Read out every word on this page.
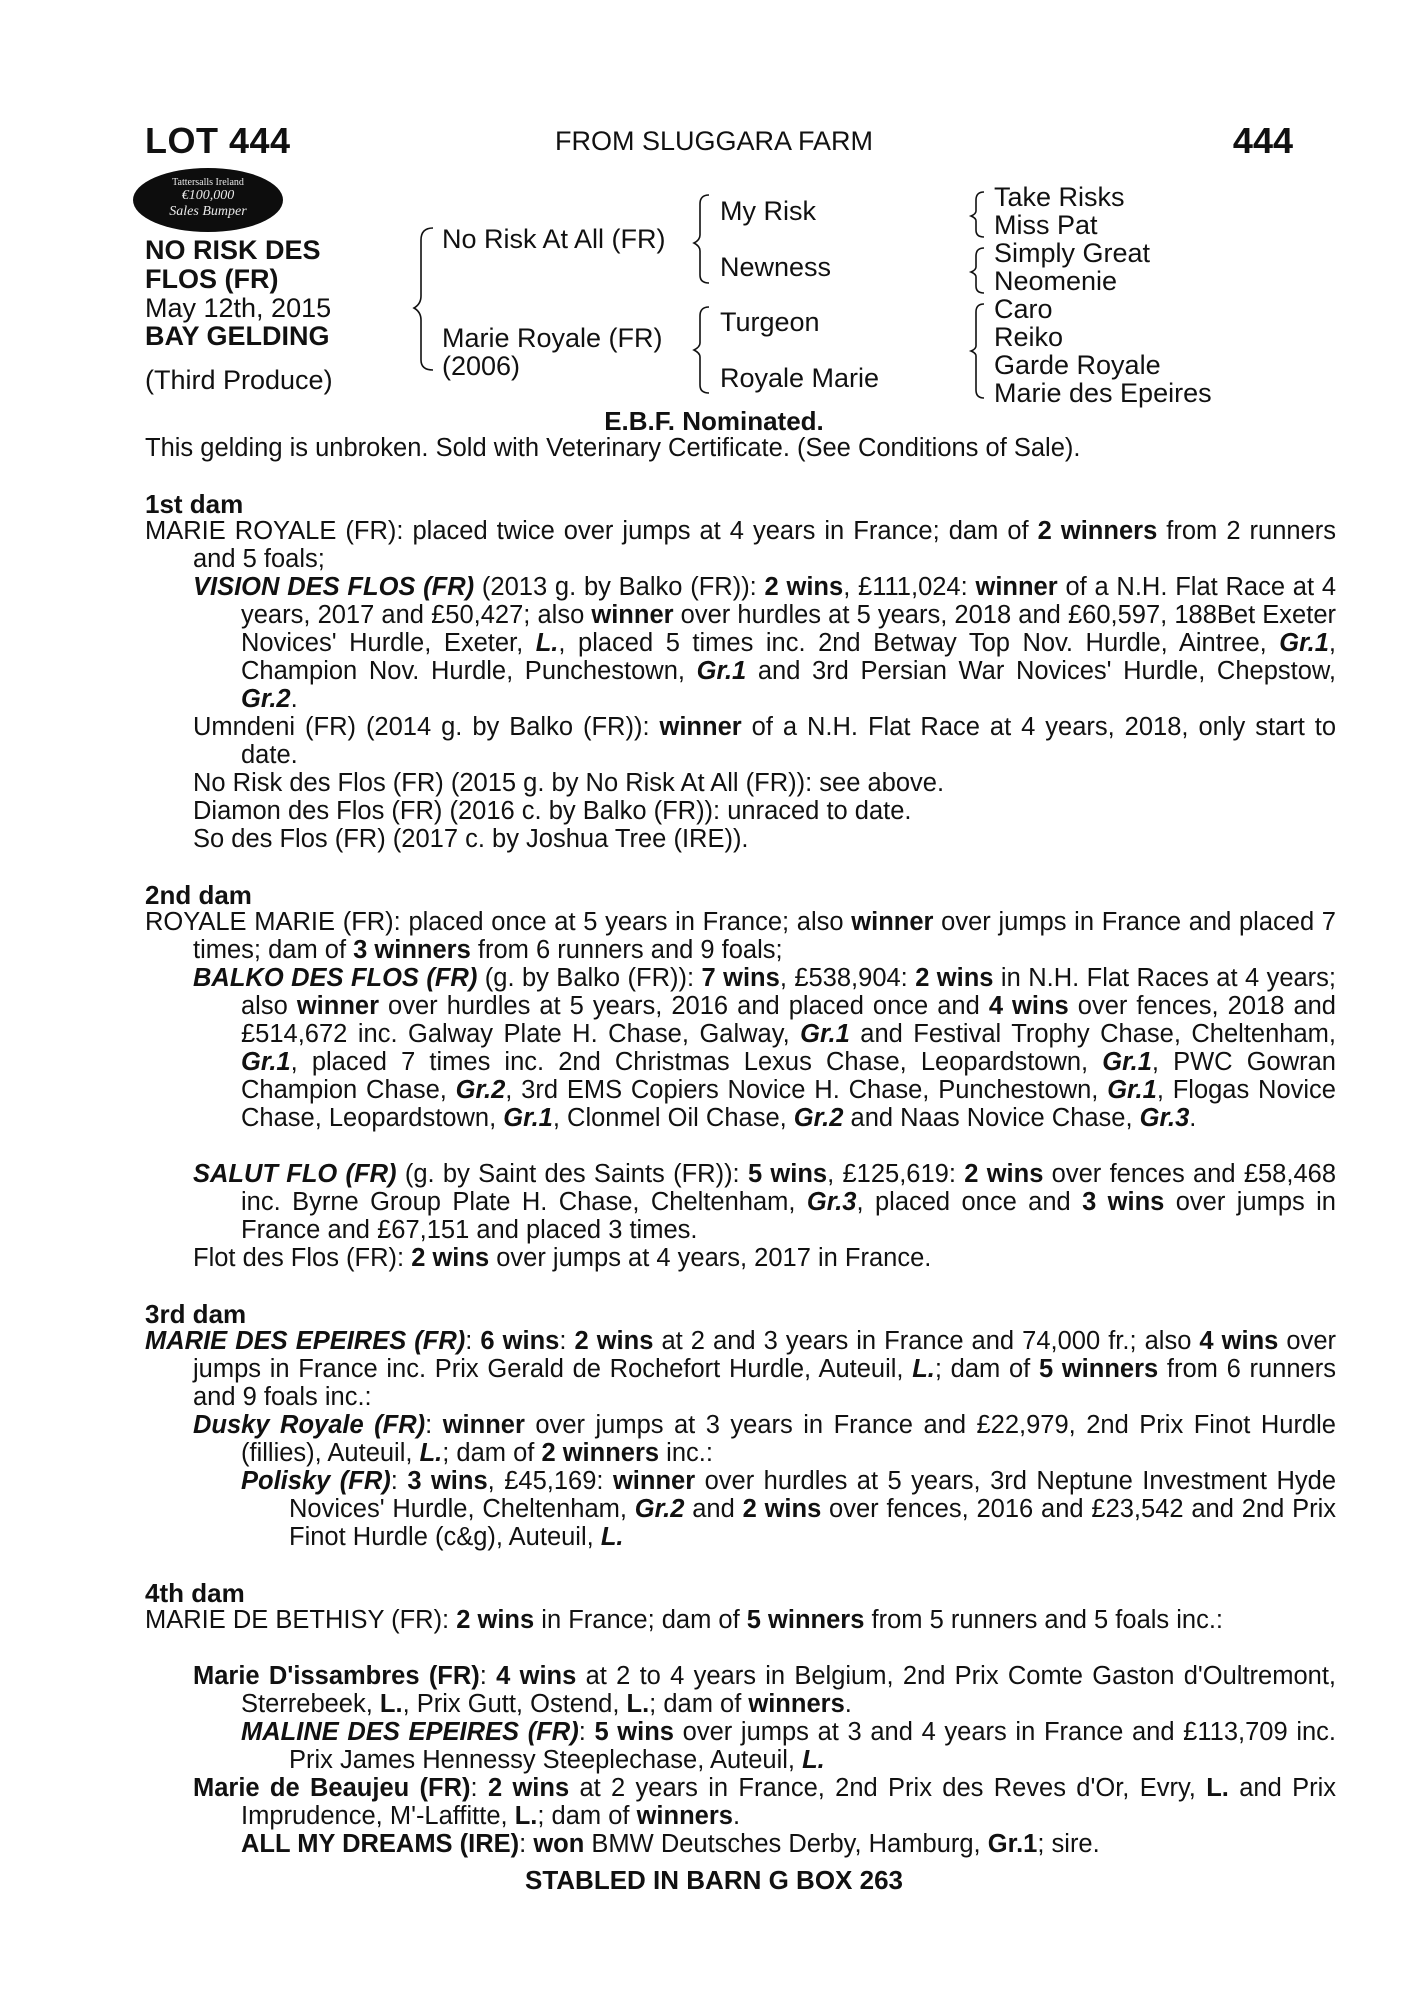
LOT 444	FROM SLUGGARA FARM	444
Tattersalls Ireland
€100,000
Sales Bumper
NO RISK DES
FLOS (FR)
May 12th, 2015
BAY GELDING
(Third Produce)
No Risk At All (FR)
Marie Royale (FR)
(2006)
My Risk
Newness
Turgeon
Royale Marie
Take Risks
Miss Pat
Simply Great
Neomenie
Caro
Reiko
Garde Royale
Marie des Epeires
E.B.F. Nominated.
This gelding is unbroken. Sold with Veterinary Certificate. (See Conditions of Sale).
1st dam
MARIE ROYALE (FR): placed twice over jumps at 4 years in France; dam of 2 winners from 2 runners and 5 foals;
VISION DES FLOS (FR) (2013 g. by Balko (FR)): 2 wins, £111,024: winner of a N.H. Flat Race at 4 years, 2017 and £50,427; also winner over hurdles at 5 years, 2018 and £60,597, 188Bet Exeter Novices' Hurdle, Exeter, L., placed 5 times inc. 2nd Betway Top Nov. Hurdle, Aintree, Gr.1, Champion Nov. Hurdle, Punchestown, Gr.1 and 3rd Persian War Novices' Hurdle, Chepstow, Gr.2.
Umndeni (FR) (2014 g. by Balko (FR)): winner of a N.H. Flat Race at 4 years, 2018, only start to date.
No Risk des Flos (FR) (2015 g. by No Risk At All (FR)): see above.
Diamon des Flos (FR) (2016 c. by Balko (FR)): unraced to date.
So des Flos (FR) (2017 c. by Joshua Tree (IRE)).
2nd dam
ROYALE MARIE (FR): placed once at 5 years in France; also winner over jumps in France and placed 7 times; dam of 3 winners from 6 runners and 9 foals;
BALKO DES FLOS (FR) (g. by Balko (FR)): 7 wins, £538,904: 2 wins in N.H. Flat Races at 4 years; also winner over hurdles at 5 years, 2016 and placed once and 4 wins over fences, 2018 and £514,672 inc. Galway Plate H. Chase, Galway, Gr.1 and Festival Trophy Chase, Cheltenham, Gr.1, placed 7 times inc. 2nd Christmas Lexus Chase, Leopardstown, Gr.1, PWC Gowran Champion Chase, Gr.2, 3rd EMS Copiers Novice H. Chase, Punchestown, Gr.1, Flogas Novice Chase, Leopardstown, Gr.1, Clonmel Oil Chase, Gr.2 and Naas Novice Chase, Gr.3.
SALUT FLO (FR) (g. by Saint des Saints (FR)): 5 wins, £125,619: 2 wins over fences and £58,468 inc. Byrne Group Plate H. Chase, Cheltenham, Gr.3, placed once and 3 wins over jumps in France and £67,151 and placed 3 times.
Flot des Flos (FR): 2 wins over jumps at 4 years, 2017 in France.
3rd dam
MARIE DES EPEIRES (FR): 6 wins: 2 wins at 2 and 3 years in France and 74,000 fr.; also 4 wins over jumps in France inc. Prix Gerald de Rochefort Hurdle, Auteuil, L.; dam of 5 winners from 6 runners and 9 foals inc.:
Dusky Royale (FR): winner over jumps at 3 years in France and £22,979, 2nd Prix Finot Hurdle (fillies), Auteuil, L.; dam of 2 winners inc.:
Polisky (FR): 3 wins, £45,169: winner over hurdles at 5 years, 3rd Neptune Investment Hyde Novices' Hurdle, Cheltenham, Gr.2 and 2 wins over fences, 2016 and £23,542 and 2nd Prix Finot Hurdle (c&g), Auteuil, L.
4th dam
MARIE DE BETHISY (FR): 2 wins in France; dam of 5 winners from 5 runners and 5 foals inc.:
Marie D'issambres (FR): 4 wins at 2 to 4 years in Belgium, 2nd Prix Comte Gaston d'Oultremont, Sterrebeek, L., Prix Gutt, Ostend, L.; dam of winners.
MALINE DES EPEIRES (FR): 5 wins over jumps at 3 and 4 years in France and £113,709 inc. Prix James Hennessy Steeplechase, Auteuil, L.
Marie de Beaujeu (FR): 2 wins at 2 years in France, 2nd Prix des Reves d'Or, Evry, L. and Prix Imprudence, M'-Laffitte, L.; dam of winners.
ALL MY DREAMS (IRE): won BMW Deutsches Derby, Hamburg, Gr.1; sire.
STABLED IN BARN G BOX 263
